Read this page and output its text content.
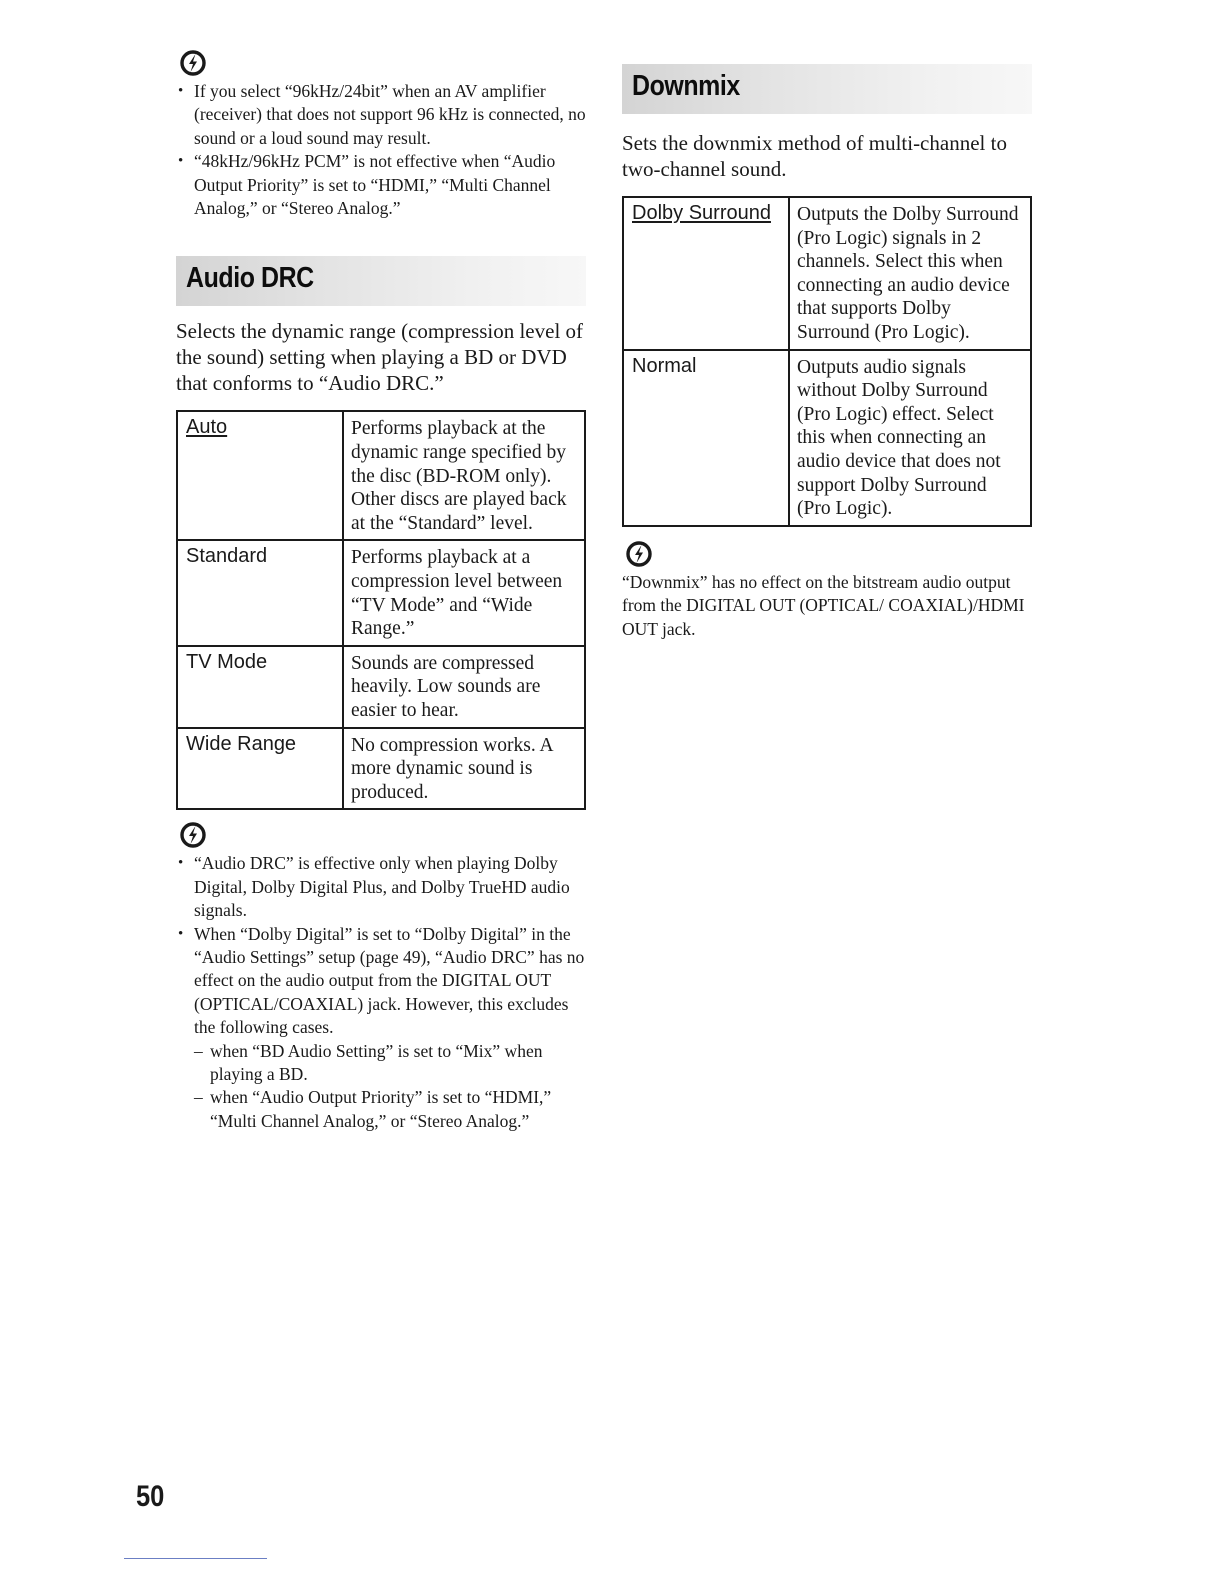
• If you select “96kHz/24bit” when an AV amplifier (receiver) that does not support 96 kHz is connected, no sound or a loud sound may result.
• “48kHz/96kHz PCM” is not effective when “Audio Output Priority” is set to “HDMI,” “Multi Channel Analog,” or “Stereo Analog.”
Audio DRC

Selects the dynamic range (compression level of the sound) setting when playing a BD or DVD that conforms to “Audio DRC.”

Auto	Performs playback at the dynamic range specified by the disc (BD-ROM only). Other discs are played back at the “Standard” level.
Standard	Performs playback at a compression level between “TV Mode” and “Wide Range.”
TV Mode	Sounds are compressed heavily. Low sounds are easier to hear.
Wide Range	No compression works. A more dynamic sound is produced.
• “Audio DRC” is effective only when playing Dolby Digital, Dolby Digital Plus, and Dolby TrueHD audio signals.
• When “Dolby Digital” is set to “Dolby Digital” in the “Audio Settings” setup (page 49), “Audio DRC” has no effect on the audio output from the DIGITAL OUT (OPTICAL/COAXIAL) jack. However, this excludes the following cases.
– when “BD Audio Setting” is set to “Mix” when playing a BD.
– when “Audio Output Priority” is set to “HDMI,” “Multi Channel Analog,” or “Stereo Analog.”
Downmix

Sets the downmix method of multi-channel to two-channel sound.

Dolby Surround	Outputs the Dolby Surround (Pro Logic) signals in 2 channels. Select this when connecting an audio device that supports Dolby Surround (Pro Logic).
Normal	Outputs audio signals without Dolby Surround (Pro Logic) effect. Select this when connecting an audio device that does not support Dolby Surround (Pro Logic).

“Downmix” has no effect on the bitstream audio output from the DIGITAL OUT (OPTICAL/ COAXIAL)/HDMI OUT jack.

50
